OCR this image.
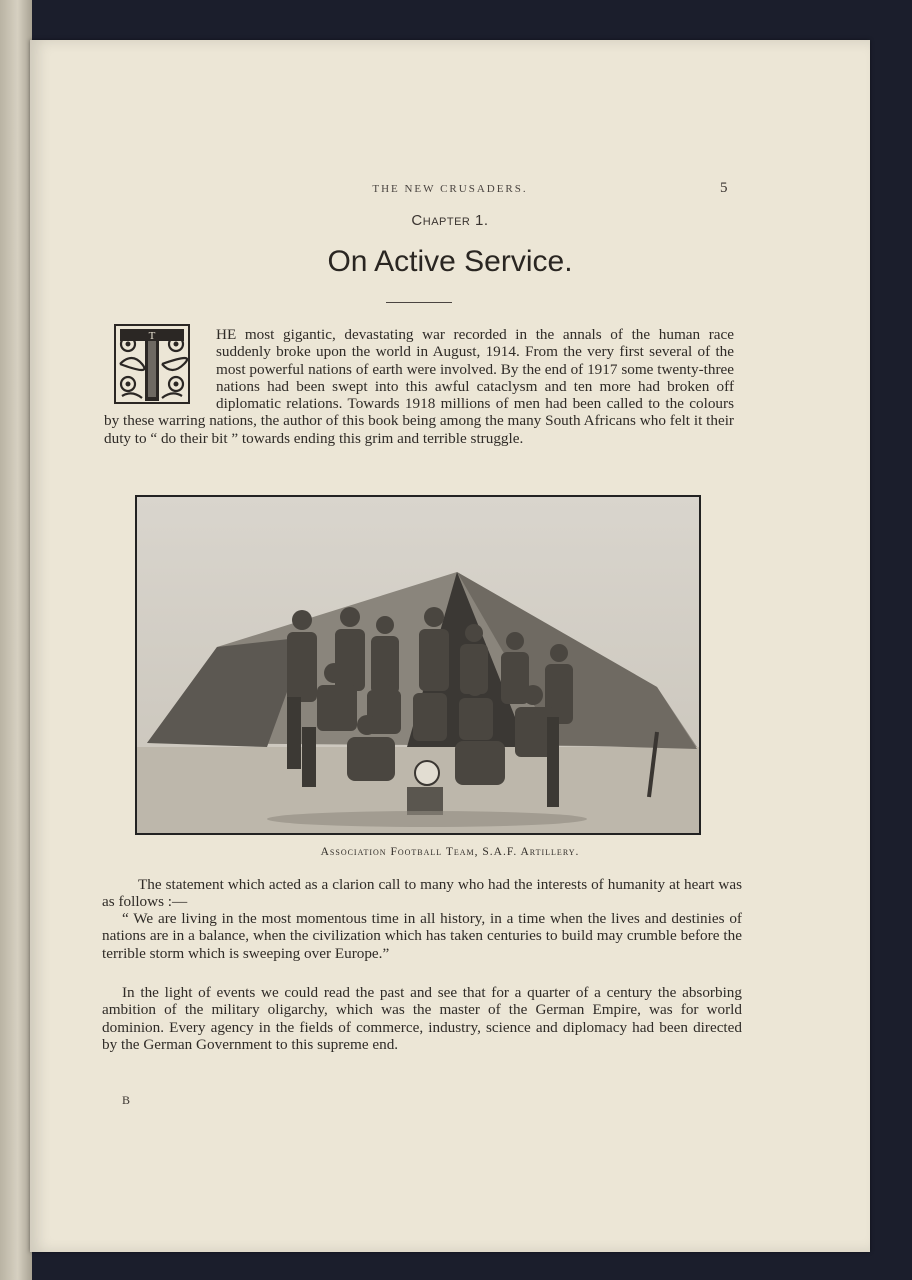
THE NEW CRUSADERS.	5
Chapter 1.
On Active Service.
T	HE most gigantic, devastating war recorded in the annals of the human race suddenly broke upon the world in August, 1914. From the very first several of the most powerful nations of earth were involved. By the end of 1917 some twenty-three nations had been swept into this awful cataclysm and ten more had broken off diplomatic relations. Towards 1918 millions of men had been called to the colours by these warring nations, the author of this book being among the many South Africans who felt it their duty to “ do their bit ” towards ending this grim and terrible struggle.

Association Football Team, S.A.F. Artillery.

The statement which acted as a clarion call to many who had the interests of humanity at heart was as follows :—

“ We are living in the most momentous time in all history, in a time when the lives and destinies of nations are in a balance, when the civilization which has taken centuries to build may crumble before the terrible storm which is sweeping over Europe.”

In the light of events we could read the past and see that for a quarter of a century the absorbing ambition of the military oligarchy, which was the master of the German Empire, was for world dominion. Every agency in the fields of commerce, industry, science and diplomacy had been directed by the German Government to this supreme end.

B
